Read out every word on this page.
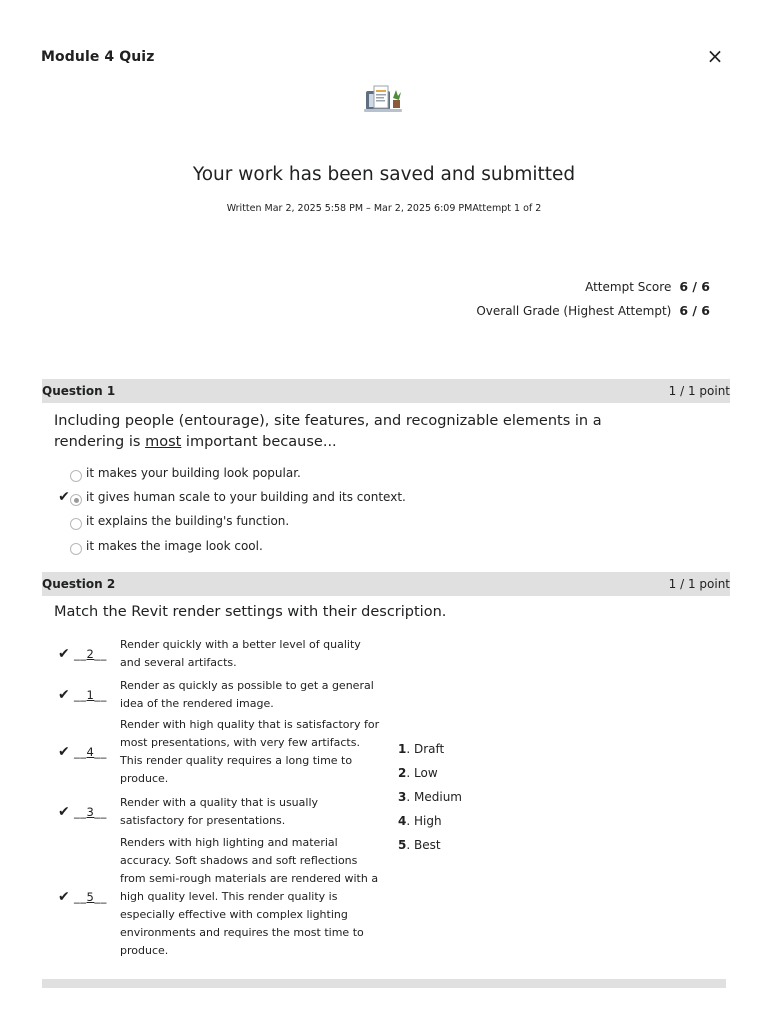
Module 4 Quiz	×
Your work has been saved and submitted
Written Mar 2, 2025 5:58 PM – Mar 2, 2025 6:09 PMAttempt 1 of 2
Attempt Score 6 / 6
Overall Grade (Highest Attempt) 6 / 6
Question 1	1 / 1 point
Including people (entourage), site features, and recognizable elements in a rendering is most important because...
it makes your building look popular.
✔ it gives human scale to your building and its context.
it explains the building's function.
it makes the image look cool.
Question 2	1 / 1 point
Match the Revit render settings with their description.
✔ __2__
Render quickly with a better level of quality and several artifacts.
✔ __1__
Render as quickly as possible to get a general idea of the rendered image.
✔ __4__
Render with high quality that is satisfactory for most presentations, with very few artifacts. This render quality requires a long time to produce.
✔ __3__
Render with a quality that is usually satisfactory for presentations.
✔ __5__
Renders with high lighting and material accuracy. Soft shadows and soft reflections from semi-rough materials are rendered with a high quality level. This render quality is especially effective with complex lighting environments and requires the most time to produce.
1. Draft
2. Low
3. Medium
4. High
5. Best
